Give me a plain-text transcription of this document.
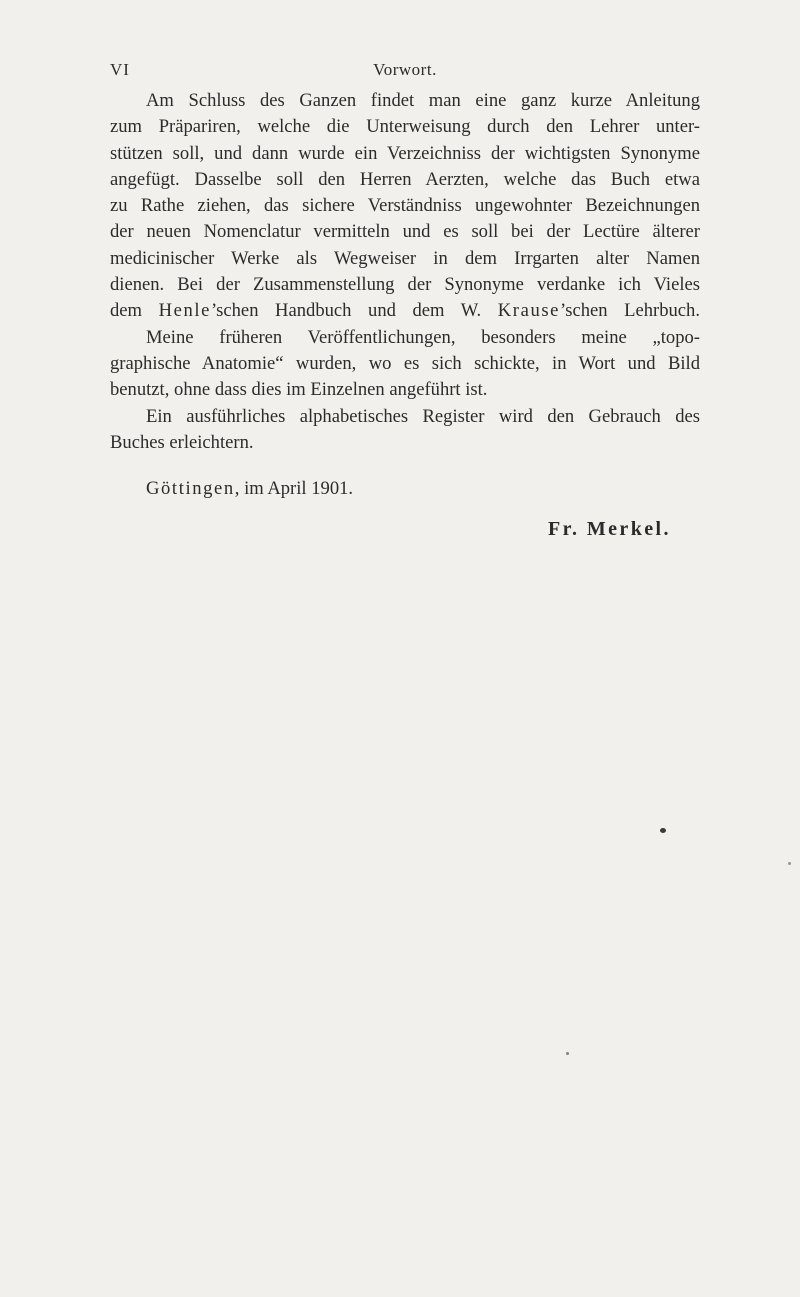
VI	Vorwort.
Am Schluss des Ganzen findet man eine ganz kurze Anleitung
zum Präpariren, welche die Unterweisung durch den Lehrer unter-
stützen soll, und dann wurde ein Verzeichniss der wichtigsten Synonyme
angefügt. Dasselbe soll den Herren Aerzten, welche das Buch etwa
zu Rathe ziehen, das sichere Verständniss ungewohnter Bezeichnungen
der neuen Nomenclatur vermitteln und es soll bei der Lectüre älterer
medicinischer Werke als Wegweiser in dem Irrgarten alter Namen
dienen. Bei der Zusammenstellung der Synonyme verdanke ich Vieles
dem Henle’schen Handbuch und dem W. Krause’schen Lehrbuch.
Meine früheren Veröffentlichungen, besonders meine „topo-
graphische Anatomie“ wurden, wo es sich schickte, in Wort und Bild
benutzt, ohne dass dies im Einzelnen angeführt ist.
Ein ausführliches alphabetisches Register wird den Gebrauch des
Buches erleichtern.
Göttingen, im April 1901.
Fr. Merkel.
